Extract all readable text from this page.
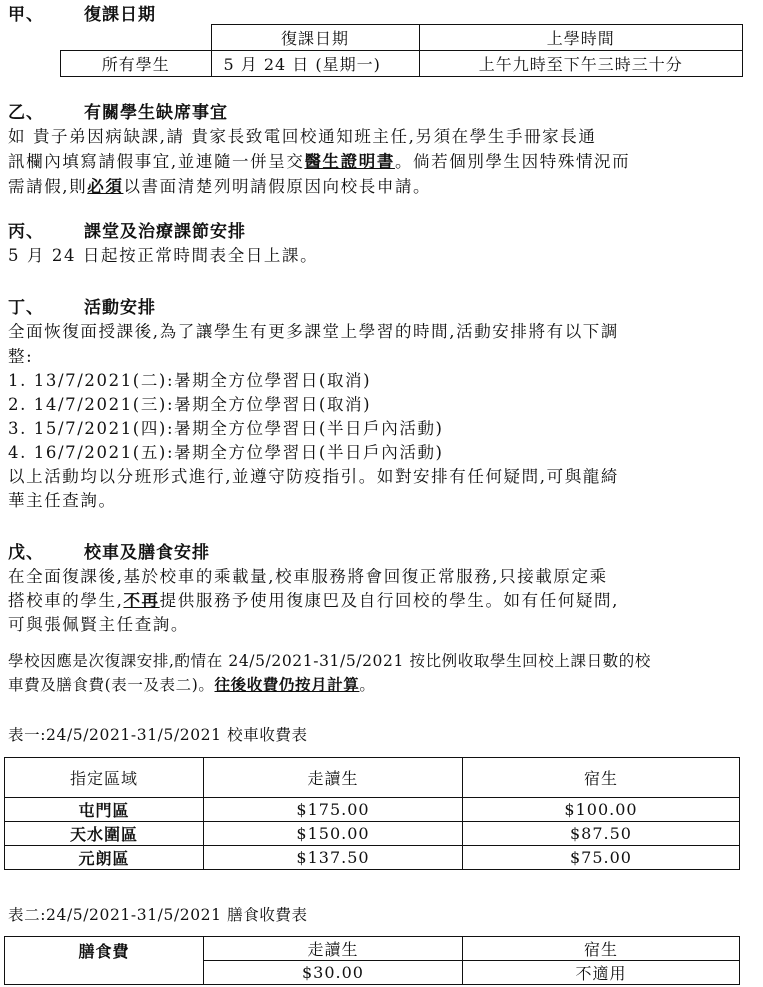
甲、 復課日期
	復課日期	上學時間
所有學生	5 月 24 日 (星期一)	上午九時至下午三時三十分
乙、 有關學生缺席事宜
如 貴子弟因病缺課,請 貴家長致電回校通知班主任,另須在學生手冊家長通
訊欄內填寫請假事宜,並連隨一併呈交醫生證明書。倘若個別學生因特殊情況而
需請假,則必須以書面清楚列明請假原因向校長申請。
丙、 課堂及治療課節安排
5 月 24 日起按正常時間表全日上課。
丁、 活動安排
全面恢復面授課後,為了讓學生有更多課堂上學習的時間,活動安排將有以下調
整:
1. 13/7/2021(二):暑期全方位學習日(取消)
2. 14/7/2021(三):暑期全方位學習日(取消)
3. 15/7/2021(四):暑期全方位學習日(半日戶內活動)
4. 16/7/2021(五):暑期全方位學習日(半日戶內活動)
以上活動均以分班形式進行,並遵守防疫指引。如對安排有任何疑問,可與龍綺
華主任查詢。
戊、 校車及膳食安排
在全面復課後,基於校車的乘載量,校車服務將會回復正常服務,只接載原定乘
搭校車的學生,不再提供服務予使用復康巴及自行回校的學生。如有任何疑問,
可與張佩賢主任查詢。
學校因應是次復課安排,酌情在 24/5/2021-31/5/2021 按比例收取學生回校上課日數的校
車費及膳食費(表一及表二)。往後收費仍按月計算。
表一:24/5/2021-31/5/2021 校車收費表
指定區域	走讀生	宿生
屯門區	$175.00	$100.00
天水圍區	$150.00	$87.50
元朗區	$137.50	$75.00
表二:24/5/2021-31/5/2021 膳食收費表
膳食費	走讀生	宿生
	$30.00	不適用
